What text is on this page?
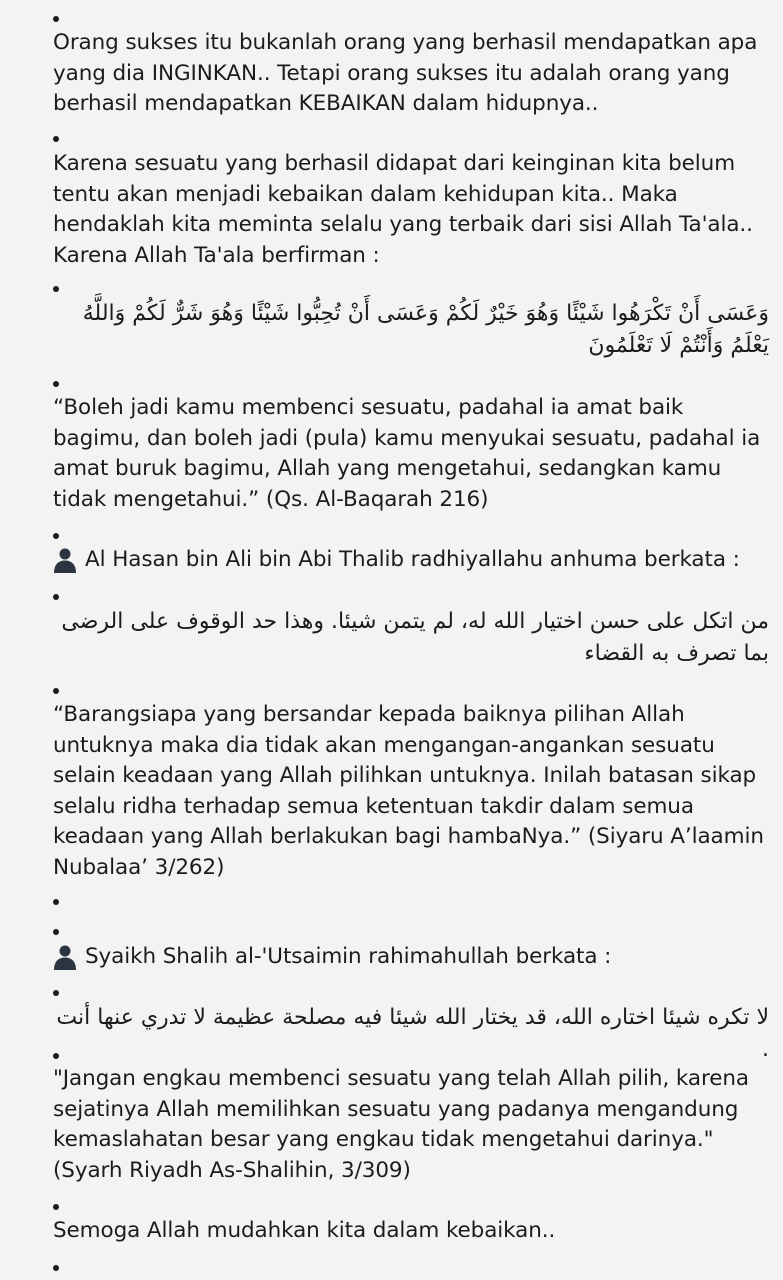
Orang sukses itu bukanlah orang yang berhasil mendapatkan apa yang dia INGINKAN.. Tetapi orang sukses itu adalah orang yang berhasil mendapatkan KEBAIKAN dalam hidupnya..
Karena sesuatu yang berhasil didapat dari keinginan kita belum tentu akan menjadi kebaikan dalam kehidupan kita.. Maka hendaklah kita meminta selalu yang terbaik dari sisi Allah Ta'ala.. Karena Allah Ta'ala berfirman :
وَعَسَى أَنْ تَكْرَهُوا شَيْئًا وَهُوَ خَيْرٌ لَكُمْ وَعَسَى أَنْ تُحِبُّوا شَيْئًا وَهُوَ شَرٌّ لَكُمْ وَاللَّهُ يَعْلَمُ وَأَنْتُمْ لَا تَعْلَمُونَ
“Boleh jadi kamu membenci sesuatu, padahal ia amat baik bagimu, dan boleh jadi (pula) kamu menyukai sesuatu, padahal ia amat buruk bagimu, Allah yang mengetahui, sedangkan kamu tidak mengetahui.” (Qs. Al-Baqarah 216)
Al Hasan bin Ali bin Abi Thalib radhiyallahu anhuma berkata :
من اتكل على حسن اختيار الله له، لم يتمن شيئا. وهذا حد الوقوف على الرضى بما تصرف به القضاء
“Barangsiapa yang bersandar kepada baiknya pilihan Allah untuknya maka dia tidak akan mengangan-angankan sesuatu selain keadaan yang Allah pilihkan untuknya. Inilah batasan sikap selalu ridha terhadap semua ketentuan takdir dalam semua keadaan yang Allah berlakukan bagi hambaNya.” (Siyaru A’laamin Nubalaa’ 3/262)
Syaikh Shalih al-'Utsaimin rahimahullah berkata :
لا تكره شيئا اختاره الله، قد يختار الله شيئا فيه مصلحة عظيمة لا تدري عنها أنت .
"Jangan engkau membenci sesuatu yang telah Allah pilih, karena sejatinya Allah memilihkan sesuatu yang padanya mengandung kemaslahatan besar yang engkau tidak mengetahui darinya." (Syarh Riyadh As-Shalihin, 3/309)
Semoga Allah mudahkan kita dalam kebaikan..
